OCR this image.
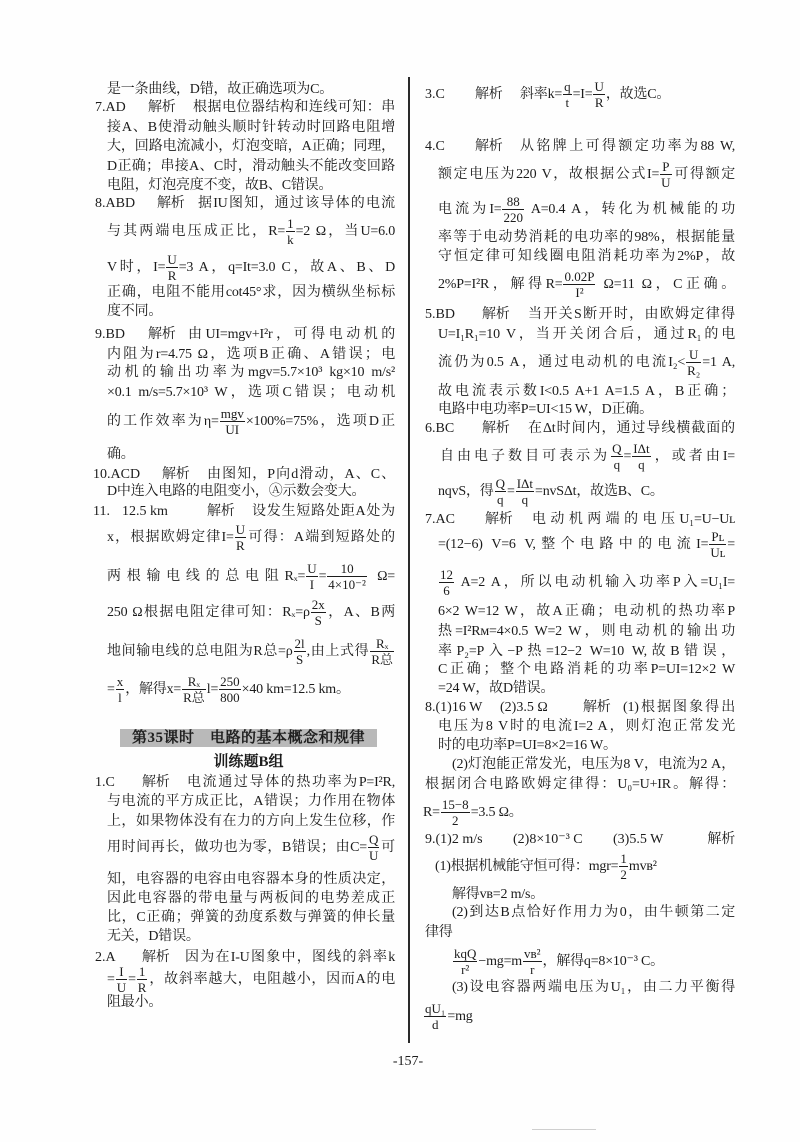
是一条曲线，D错，故正确选项为C。
7.AD	解析	根据电位器结构和连线可知：串
接A、B使滑动触头顺时针转动时回路电阻增
大，回路电流减小，灯泡变暗，A正确；同理，
D正确；串接A、C时，滑动触头不能改变回路
电阻，灯泡亮度不变，故B、C错误。
8.ABD	解析 据IU图知，通过该导体的电流
与其两端电压成正比，$R= \frac{1}{k} =2$ Ω，当U=6.0
V时，$I= \frac{U}{R} =3$ A，q=It=3.0 C，故A、B、D
正确，电阻不能用cot45°求，因为横纵坐标标
度不同。
9.BD	解析 由UI=mgv+I²r，可得电动机的
内阻为r=4.75 Ω，选项B正确、A错误；电
动机的输出功率为mgv=5.7×10³ kg×10 m/s²
×0.1 m/s=5.7×10³ W，选项C错误；电动机
的工作效率为$\eta= \frac{\text{mgv}}{UI} \times 100\%=75\%$，选项D正
确。
10.ACD	解析	由图知，P向d滑动，A、C、
D中连入电路的电阻变小，Ⓐ示数会变大。
11. 12.5 km	解析	设发生短路处距A处为
x，根据欧姆定律$I= \frac{U}{R}$ 可得：A端到短路处的
两根输电线的总电阻$R_x= \frac{U}{I} = \frac{10}{\text{4×10⁻²}} \Omega=$
250 Ω根据电阻定律可知：$R_x=\rho \frac{2x}{S}$ ，A、B两
地间输电线的总电阻为R总$=\rho \frac{2l}{S}$ ,由上式得 $\frac{\text{Rₓ}}{\text{R总}}$
= $\frac{x}{l}$ ，解得$x= \frac{\text{Rₓ}}{\text{R总}} l= \frac{250}{800} \times 40$ km=12.5 km。
第35课时　电路的基本概念和规律
训练题B组
1.C	解析	电流通过导体的热功率为P=I²R,
与电流的平方成正比，A错误；力作用在物体
上，如果物体没有在力的方向上发生位移，作
用时间再长，做功也为零，B错误；由$C= \frac{Q}{U}$ 可
知，电容器的电容由电容器本身的性质决定，
因此电容器的带电量与两板间的电势差成正
比，C正确；弹簧的劲度系数与弹簧的伸长量
无关，D错误。
2.A	解析	因为在I-U图象中，图线的斜率k
= $\frac{I}{U} = \frac{1}{R}$ ，故斜率越大，电阻越小，因而A的电
阻最小。
3.C	解析	斜率$k= \frac{q}{t} =I= \frac{U}{R}$ ，故选C。
4.C	解析	从铭牌上可得额定功率为88 W,
额定电压为220 V，故根据公式$I= \frac{P}{U}$ 可得额定
电流为$I= \frac{88}{220} A=0.4$ A，转化为机械能的功
率等于电动势消耗的电功率的98%，根据能量
守恒定律可知线圈电阻消耗功率为2%P，故
2%P=I²R，解得$R= \frac{0.02P}{\text{I²}} \Omega=11$ Ω，C正确。
5.BD	解析	当开关S断开时，由欧姆定律得
U=I₁R₁=10 V，当开关闭合后，通过R₁的电
流仍为0.5 A，通过电动机的电流$I_2< \frac{U}{\text{R₂}} =1$ A,
故电流表示数I<0.5 A+1 A=1.5 A，B正确；
电路中电功率P=UI<15 W，D正确。
6.BC	解析	在Δt时间内，通过导线横截面的
自由电子数目可表示为 $\frac{Q}{q} = \frac{\text{IΔt}}{q}$ ，或者由I=
nqvS，得 $\frac{Q}{q} = \frac{\text{IΔt}}{q} =nvS\Delta t$，故选B、C。
7.AC	解析	电动机两端的电压U₁=U−Uʟ
=(12−6) V=6 V,整个电路中的电流$I= \frac{\text{Pʟ}}{\text{Uʟ}}$ =
$\frac{12}{6} A=2$ A，所以电动机输入功率P入=U₁I=
6×2 W=12 W，故A正确；电动机的热功率P
热=I²Rᴍ=4×0.5 W=2 W，则电动机的输出功
率P₂=P入−P热=12−2 W=10 W,故B错误，
C正确；整个电路消耗的功率P=UI=12×2 W
=24 W，故D错误。
8.(1)16 W	(2)3.5 Ω	解析 (1)根据图象得出
电压为8 V时的电流I=2 A，则灯泡正常发光
时的电功率P=UI=8×2=16 W。
(2)灯泡能正常发光，电压为8 V，电流为2 A，
根据闭合电路欧姆定律得：U₀=U+IR。解得：
$R= \frac{15-8}{2} =3.5$ Ω。
9.(1)2 m/s	(2)8×10⁻³ C	(3)5.5 W	解析
(1)根据机械能守恒可得：$mgr= \frac{1}{2}$ mvʙ²
解得vʙ=2 m/s。
(2)到达B点恰好作用力为0，由牛顿第二定
律得
$\frac{\text{kqQ}}{\text{r²}} -mg=m \frac{\text{vʙ²}}{r}$ ，解得q=8×10⁻³ C。
(3)设电容器两端电压为U₁，由二力平衡得
$\frac{\text{qU₁}}{d} =mg$
-157-
